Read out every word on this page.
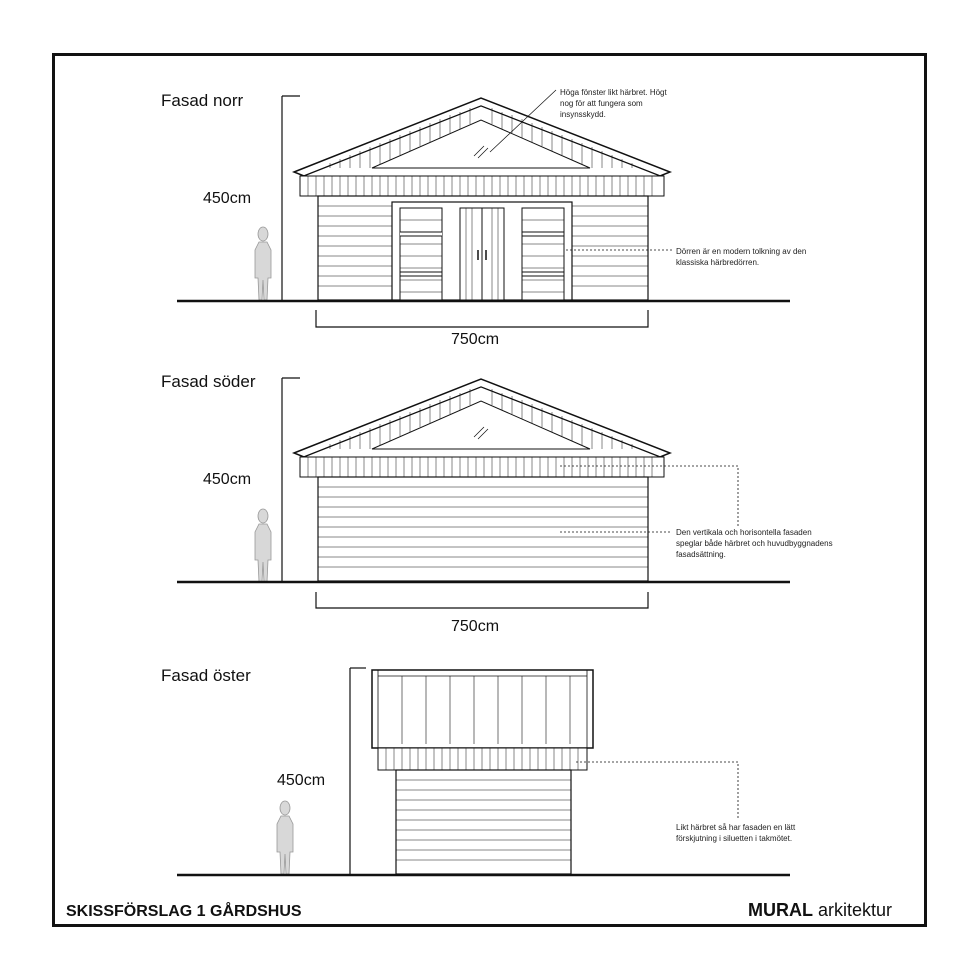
Fasad norr
450cm
750cm
Höga fönster likt härbret. Högt nog för att fungera som insynsskydd.
Dörren är en modern tolkning av den klassiska härbredörren.
Fasad söder
450cm
750cm
Den vertikala och horisontella fasaden speglar både härbret och huvudbyggnadens fasadsättning.
Fasad öster
450cm
Likt härbret så har fasaden en lätt förskjutning i siluetten i takmötet.
SKISSFÖRSLAG 1 GÅRDSHUS	MURAL arkitektur
